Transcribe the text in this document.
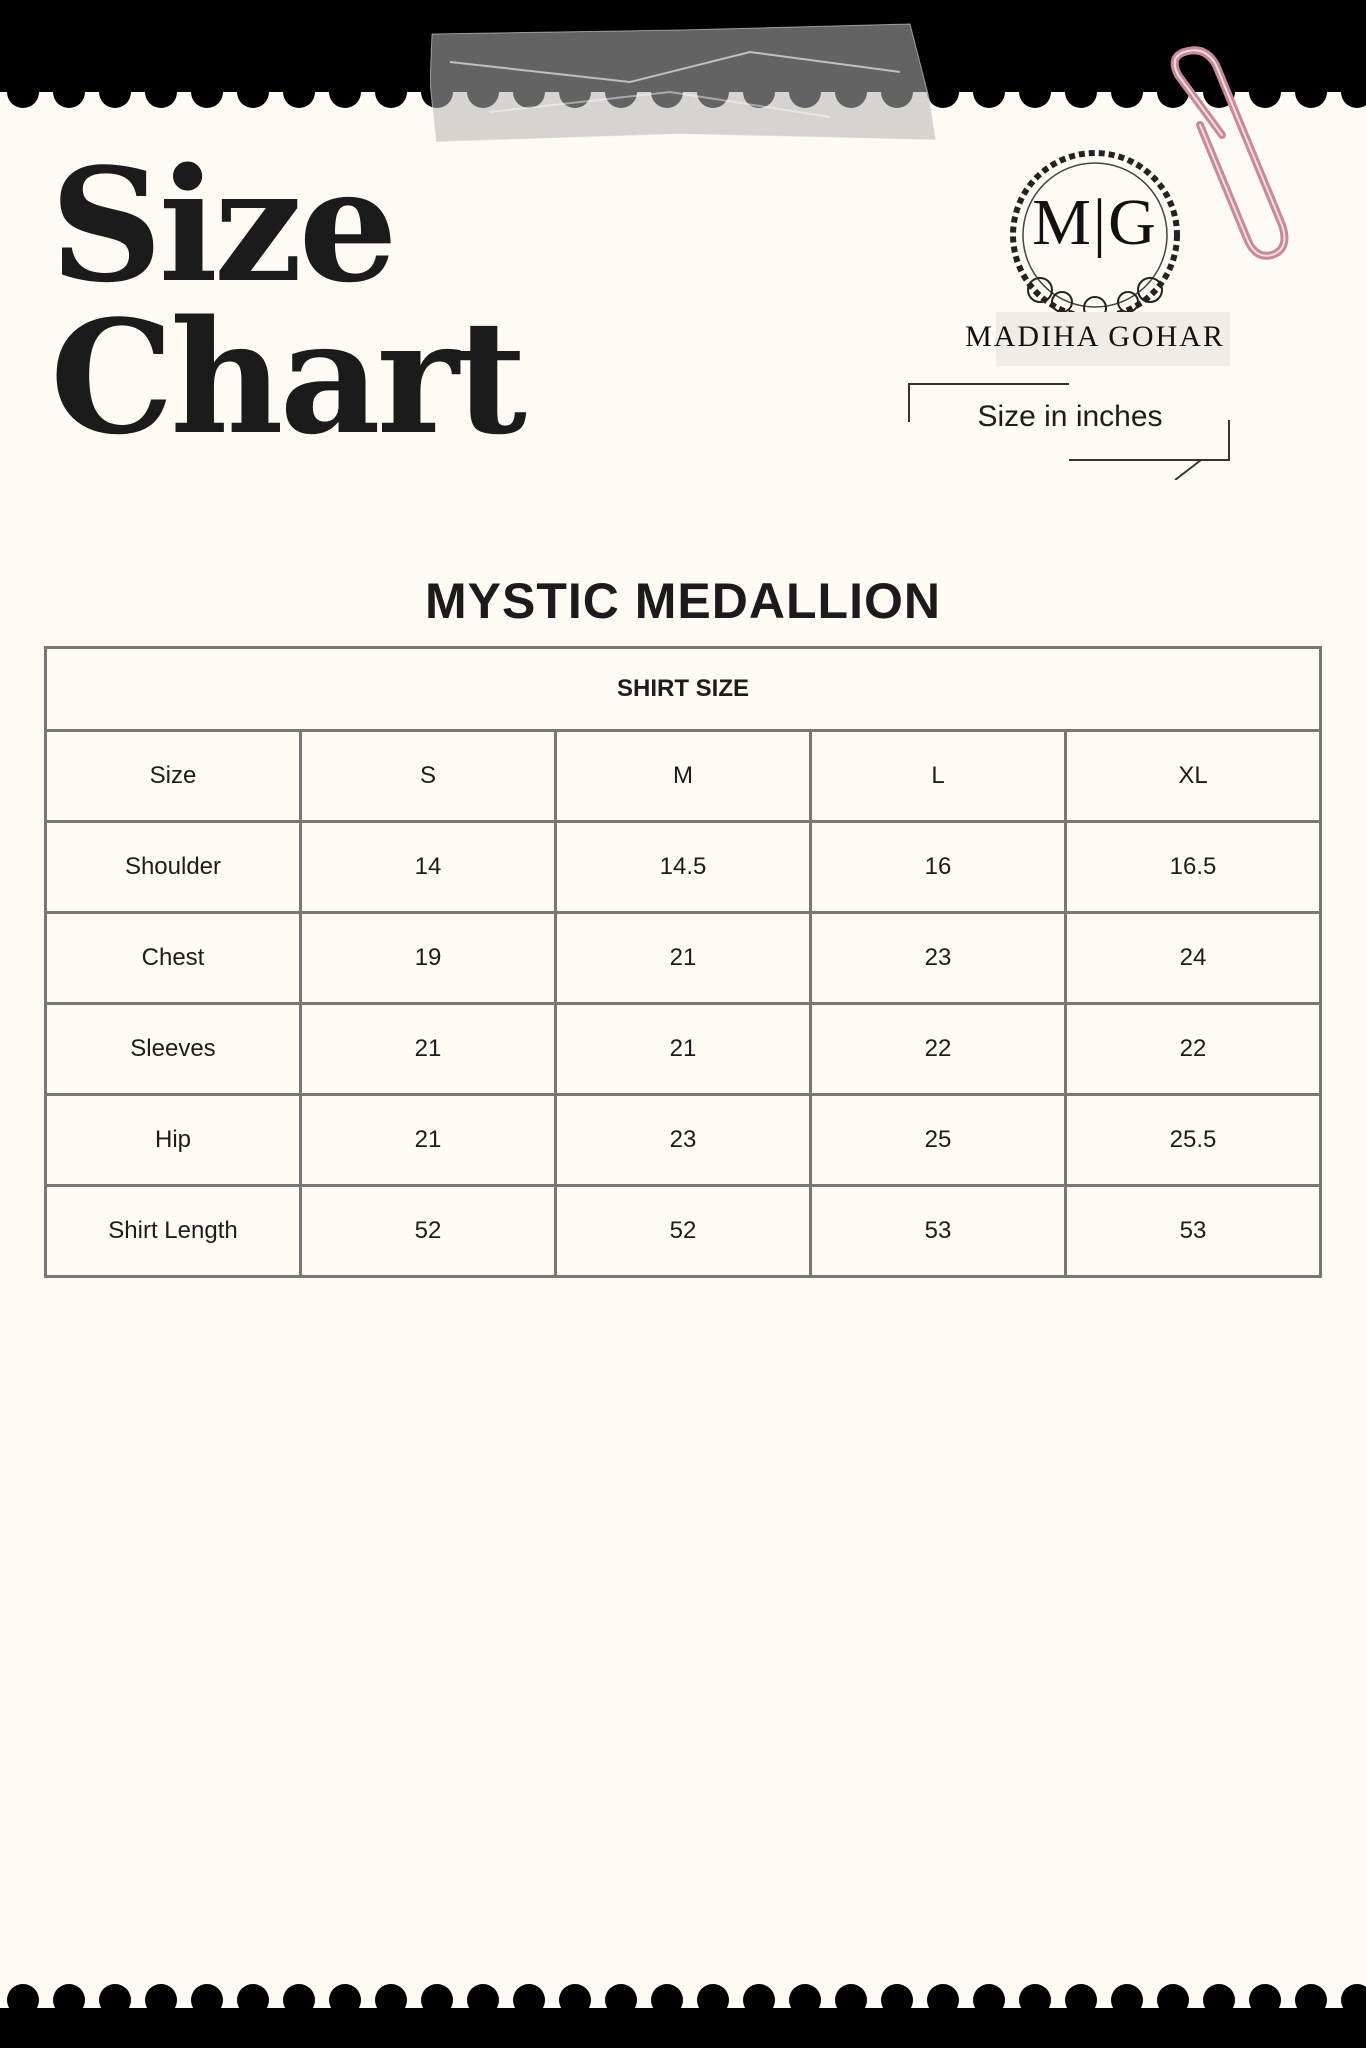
Size
Chart
M|G
MADIHA GOHAR
Size in inches
MYSTIC MEDALLION
SHIRT SIZE				
Size	S	M	L	XL
Shoulder	14	14.5	16	16.5
Chest	19	21	23	24
Sleeves	21	21	22	22
Hip	21	23	25	25.5
Shirt Length	52	52	53	53
